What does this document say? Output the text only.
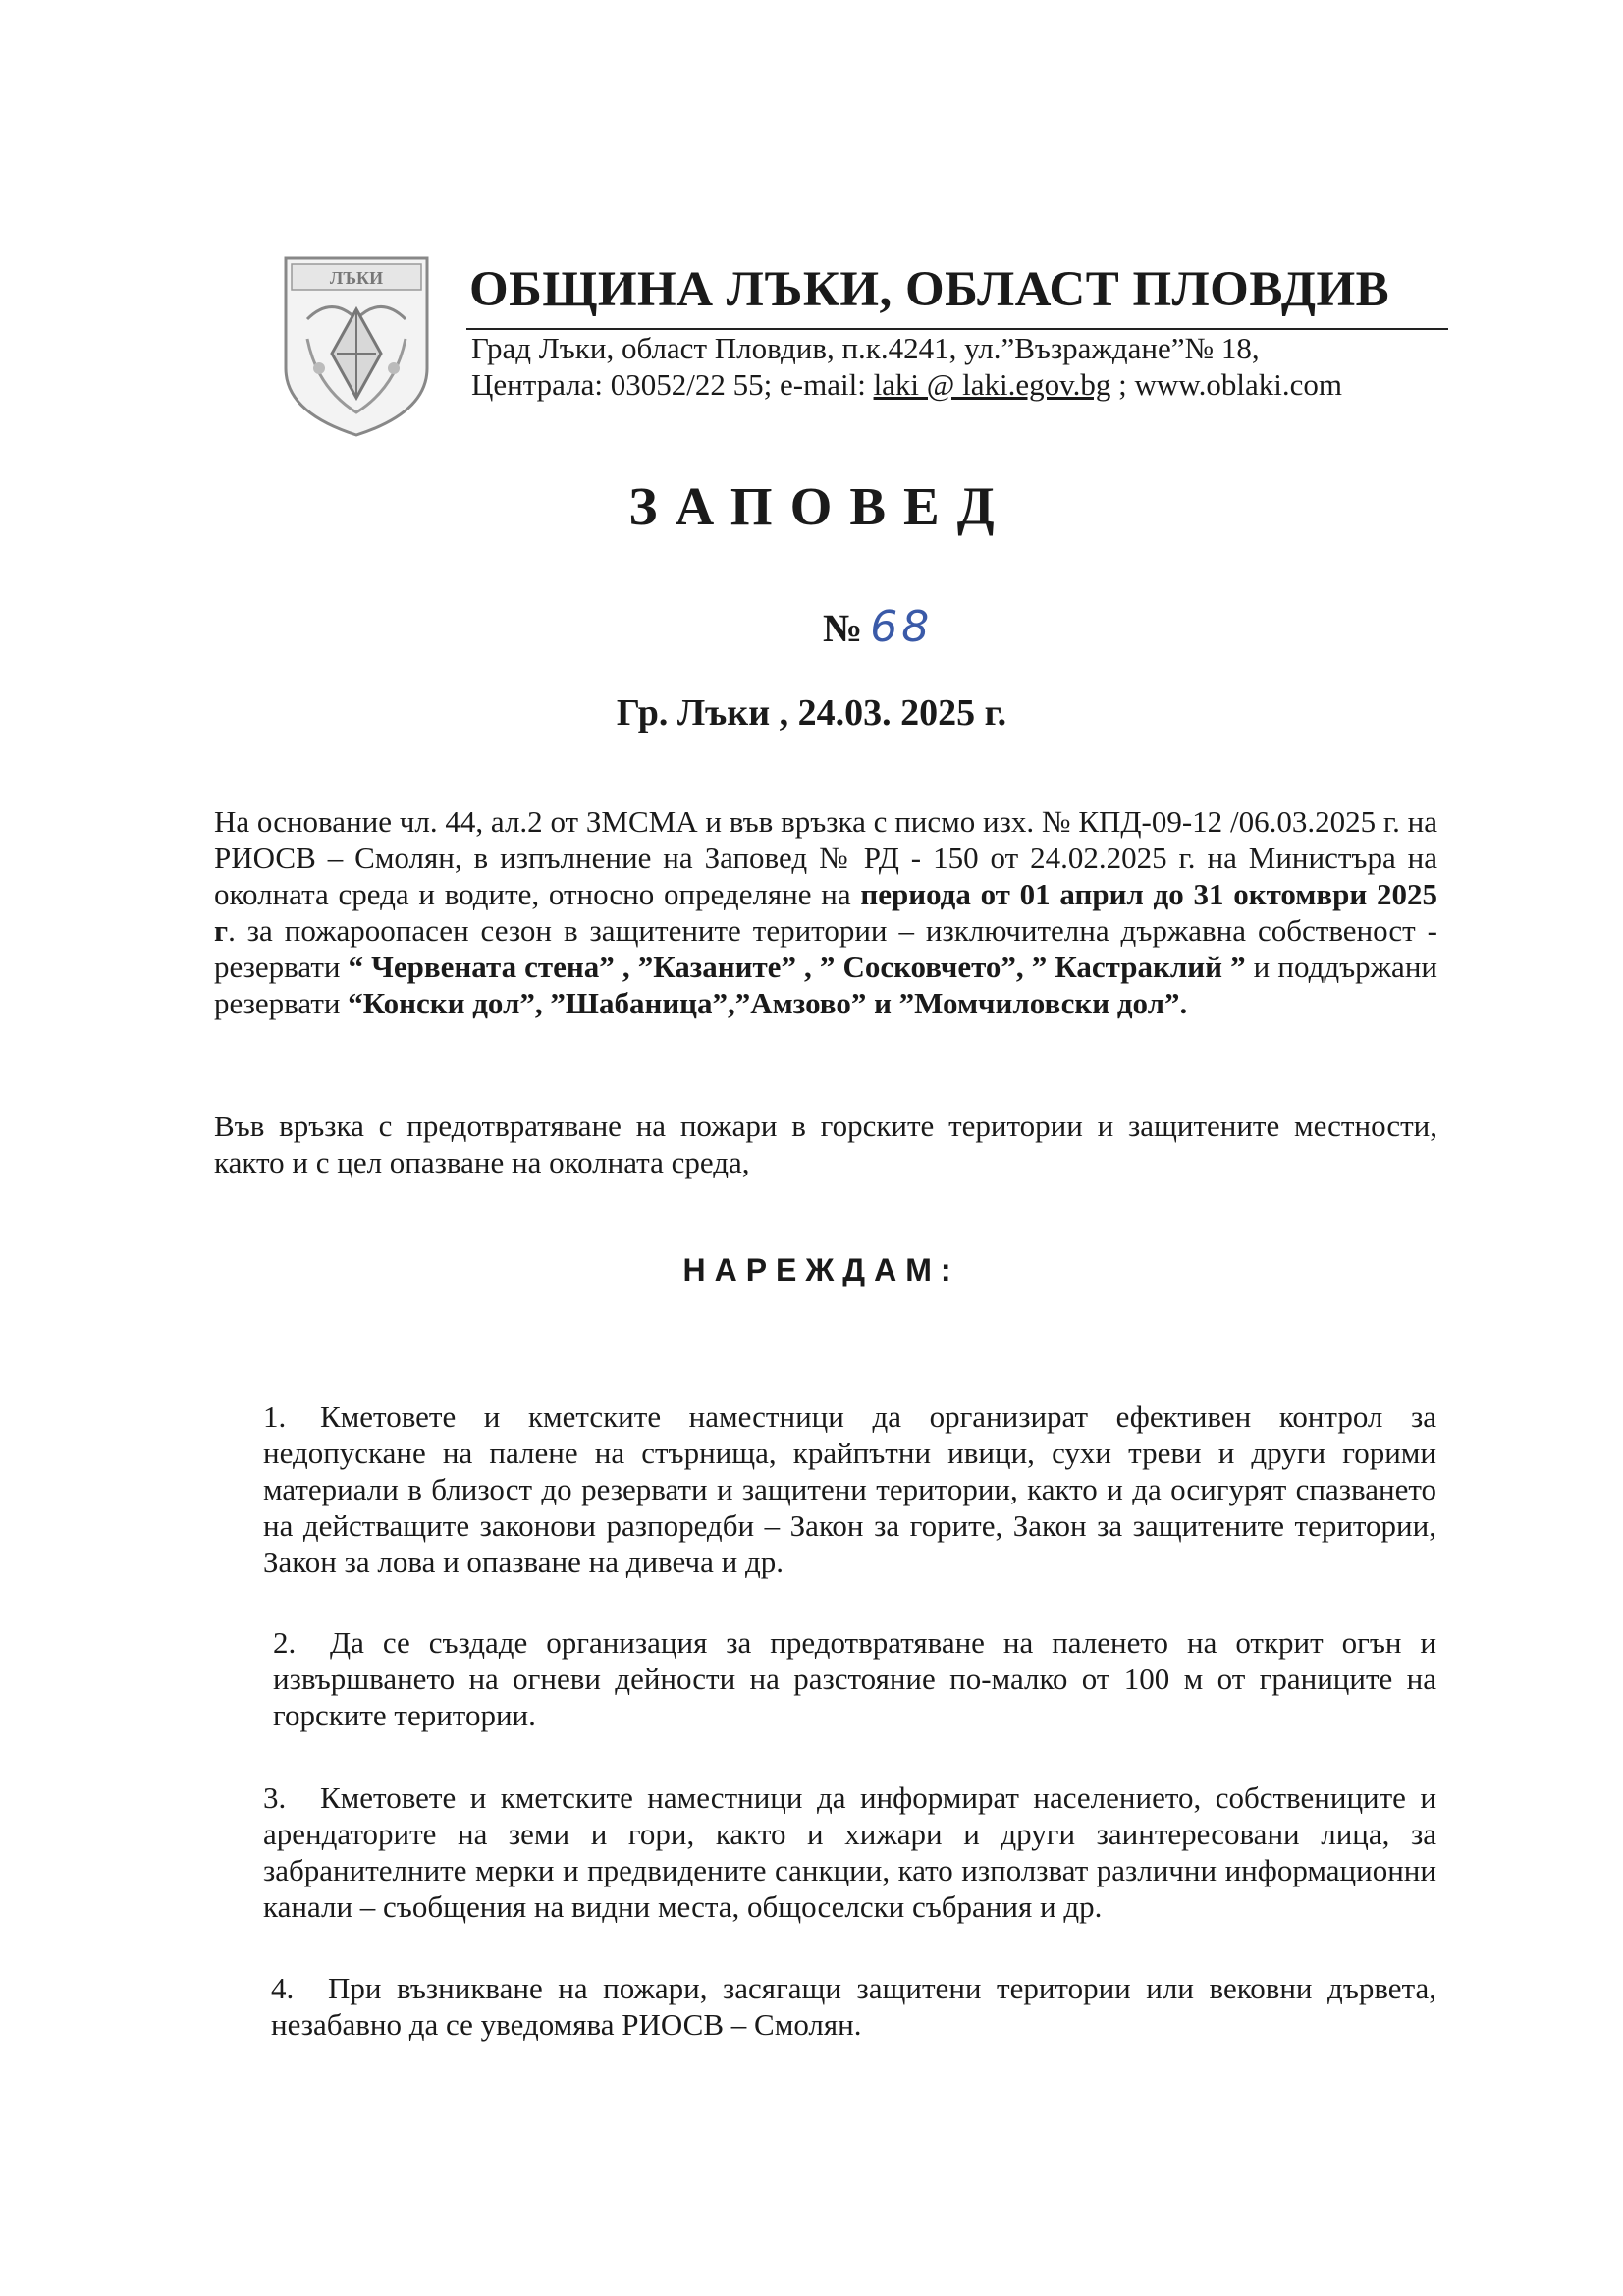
ЛЪКИ ОБЩИНА ЛЪКИ, ОБЛАСТ ПЛОВДИВ
Град Лъки, област Пловдив, п.к.4241, ул.”Възраждане”№ 18,
Централа: 03052/22 55; e-mail: laki @ laki.egov.bg ; www.oblaki.com
ЗАПОВЕД
№ 68
Гр. Лъки , 24.03. 2025 г.
На основание чл. 44, ал.2 от ЗМСМА и във връзка с писмо изх. № КПД-09-12 /06.03.2025 г. на РИОСВ – Смолян, в изпълнение на Заповед № РД - 150 от 24.02.2025 г. на Министъра на околната среда и водите, относно определяне на периода от 01 април до 31 октомври 2025 г. за пожароопасен сезон в защитените територии – изключителна държавна собственост - резервати “ Червената стена” , ”Казаните” , ” Сосковчето”, ” Кастраклий ” и поддържани резервати “Конски дол”, ”Шабаница”,”Амзово” и ”Момчиловски дол”.
Във връзка с предотвратяване на пожари в горските територии и защитените местности, както и с цел опазване на околната среда,
НАРЕЖДАМ:
1. Кметовете и кметските наместници да организират ефективен контрол за недопускане на палене на стърнища, крайпътни ивици, сухи треви и други горими материали в близост до резервати и защитени територии, както и да осигурят спазването на действащите законови разпоредби – Закон за горите, Закон за защитените територии, Закон за лова и опазване на дивеча и др.
2. Да се създаде организация за предотвратяване на паленето на открит огън и извършването на огневи дейности на разстояние по-малко от 100 м от границите на горските територии.
3. Кметовете и кметските наместници да информират населението, собствениците и арендаторите на земи и гори, както и хижари и други заинтересовани лица, за забранителните мерки и предвидените санкции, като използват различни информационни канали – съобщения на видни места, общоселски събрания и др.
4. При възникване на пожари, засягащи защитени територии или вековни дървета, незабавно да се уведомява РИОСВ – Смолян.
